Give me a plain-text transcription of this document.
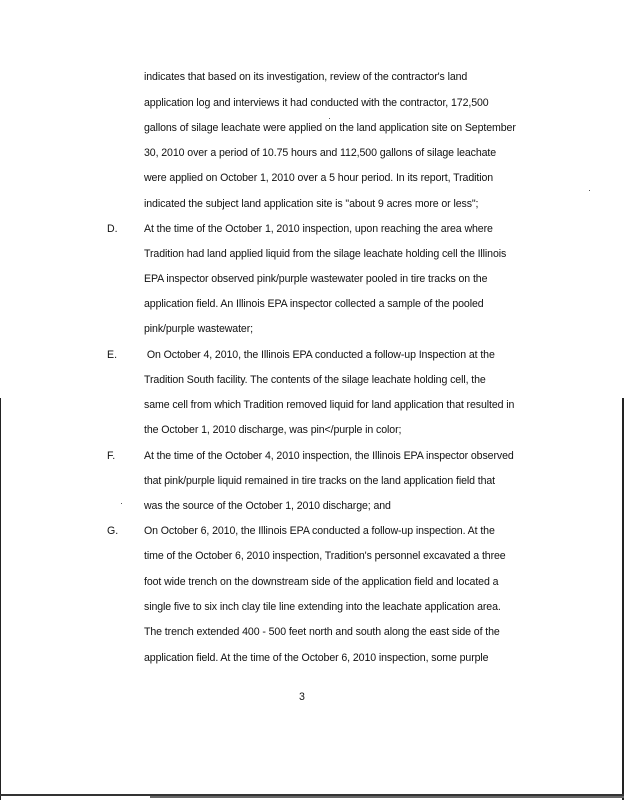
indicates that based on its investigation, review of the contractor's land
application log and interviews it had conducted with the contractor, 172,500
gallons of silage leachate were applied on the land application site on September
30, 2010 over a period of 10.75 hours and 112,500 gallons of silage leachate
were applied on October 1, 2010 over a 5 hour period. In its report, Tradition
indicated the subject land application site is "about 9 acres more or less";
D. At the time of the October 1, 2010 inspection, upon reaching the area where
Tradition had land applied liquid from the silage leachate holding cell the Illinois
EPA inspector observed pink/purple wastewater pooled in tire tracks on the
application field. An Illinois EPA inspector collected a sample of the pooled
pink/purple wastewater;
E.	On October 4, 2010, the Illinois EPA conducted a follow-up Inspection at the
Tradition South facility. The contents of the silage leachate holding cell, the
same cell from which Tradition removed liquid for land application that resulted in
the October 1, 2010 discharge, was pin</purple in color;
F.	At the time of the October 4, 2010 inspection, the Illinois EPA inspector observed
that pink/purple liquid remained in tire tracks on the land application field that
was the source of the October 1, 2010 discharge; and
G. On October 6, 2010, the Illinois EPA conducted a follow-up inspection. At the
time of the October 6, 2010 inspection, Tradition's personnel excavated a three
foot wide trench on the downstream side of the application field and located a
single five to six inch clay tile line extending into the leachate application area.
The trench extended 400 - 500 feet north and south along the east side of the
application field. At the time of the October 6, 2010 inspection, some purple
3
